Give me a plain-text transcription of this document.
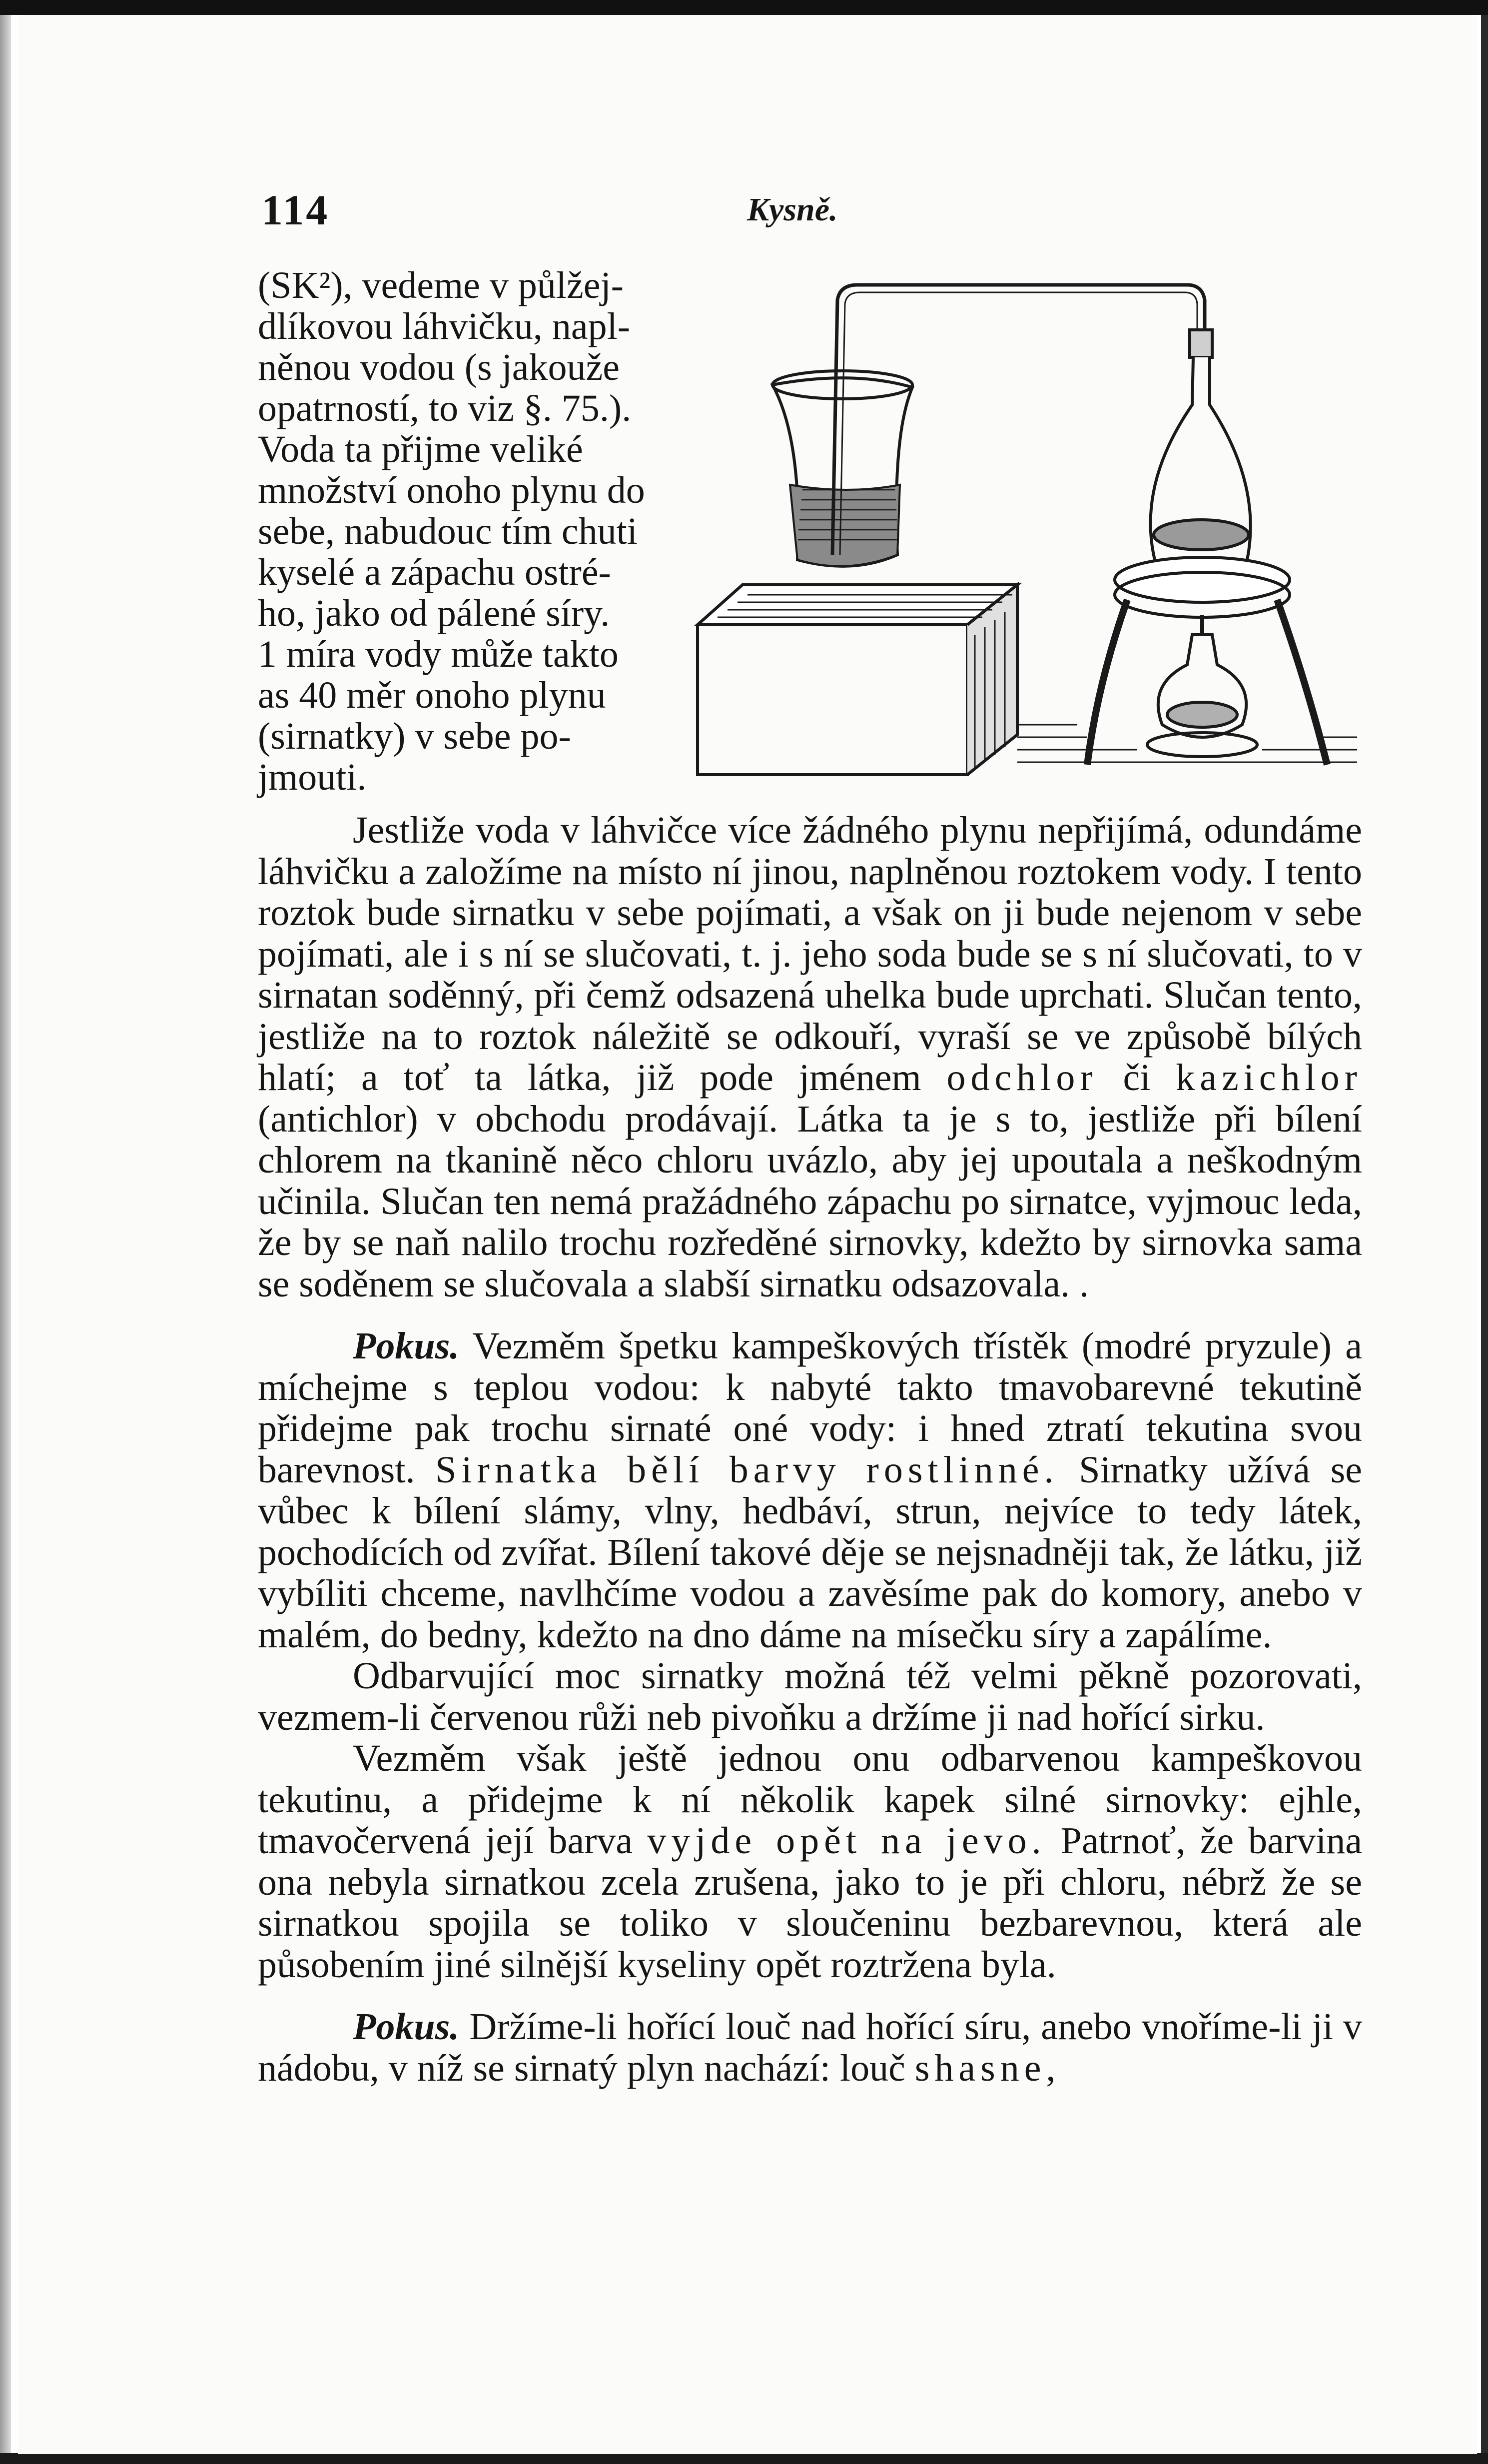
114	Kysně.

(SK²), vedeme v půlžej-

dlíkovou láhvičku, napl-

něnou vodou (s jakouže

opatrností, to viz §. 75.).

Voda ta přijme veliké

množství onoho plynu do

sebe, nabudouc tím chuti

kyselé a zápachu ostré-

ho, jako od pálené síry.

1 míra vody může takto

as 40 měr onoho plynu

(sirnatky) v sebe po-

jmouti.

Jestliže voda v láhvičce více žádného plynu nepřijímá, odundáme láhvičku a založíme na místo ní jinou, naplněnou roztokem vody. I tento roztok bude sirnatku v sebe pojímati, a však on ji bude nejenom v sebe pojímati, ale i s ní se slučovati, t. j. jeho soda bude se s ní slučovati, to v sirnatan soděnný, při čemž odsazená uhelka bude uprchati. Slučan tento, jestliže na to roztok náležitě se odkouří, vyraší se ve způsobě bílých hlatí; a toť ta látka, již pode jménem odchlor či kazichlor (antichlor) v obchodu prodávají. Látka ta je s to, jestliže při bílení chlorem na tkanině něco chloru uvázlo, aby jej upoutala a neškodným učinila. Slučan ten nemá pražádného zápachu po sirnatce, vyjmouc leda, že by se naň nalilo trochu rozředěné sirnovky, kdežto by sirnovka sama se soděnem se slučovala a slabší sirnatku odsazovala. .

Pokus. Vezměm špetku kampeškových třístěk (modré pryzule) a míchejme s teplou vodou: k nabyté takto tmavobarevné tekutině přidejme pak trochu sirnaté oné vody: i hned ztratí tekutina svou barevnost. Sirnatka bělí barvy rostlinné. Sirnatky užívá se vůbec k bílení slámy, vlny, hedbáví, strun, nejvíce to tedy látek, pochodících od zvířat. Bílení takové děje se nejsnadněji tak, že látku, již vybíliti chceme, navlhčíme vodou a zavěsíme pak do komory, anebo v malém, do bedny, kdežto na dno dáme na mísečku síry a zapálíme.

Odbarvující moc sirnatky možná též velmi pěkně pozorovati, vezmem-li červenou růži neb pivoňku a držíme ji nad hořící sirku.

Vezměm však ještě jednou onu odbarvenou kampeškovou tekutinu, a přidejme k ní několik kapek silné sirnovky: ejhle, tmavočervená její barva vyjde opět na jevo. Patrnoť, že barvina ona nebyla sirnatkou zcela zrušena, jako to je při chloru, nébrž že se sirnatkou spojila se toliko v sloučeninu bezbarevnou, která ale působením jiné silnější kyseliny opět roztržena byla.

Pokus. Držíme-li hořící louč nad hořící síru, anebo vnoříme-li ji v nádobu, v níž se sirnatý plyn nachází: louč shasne,
